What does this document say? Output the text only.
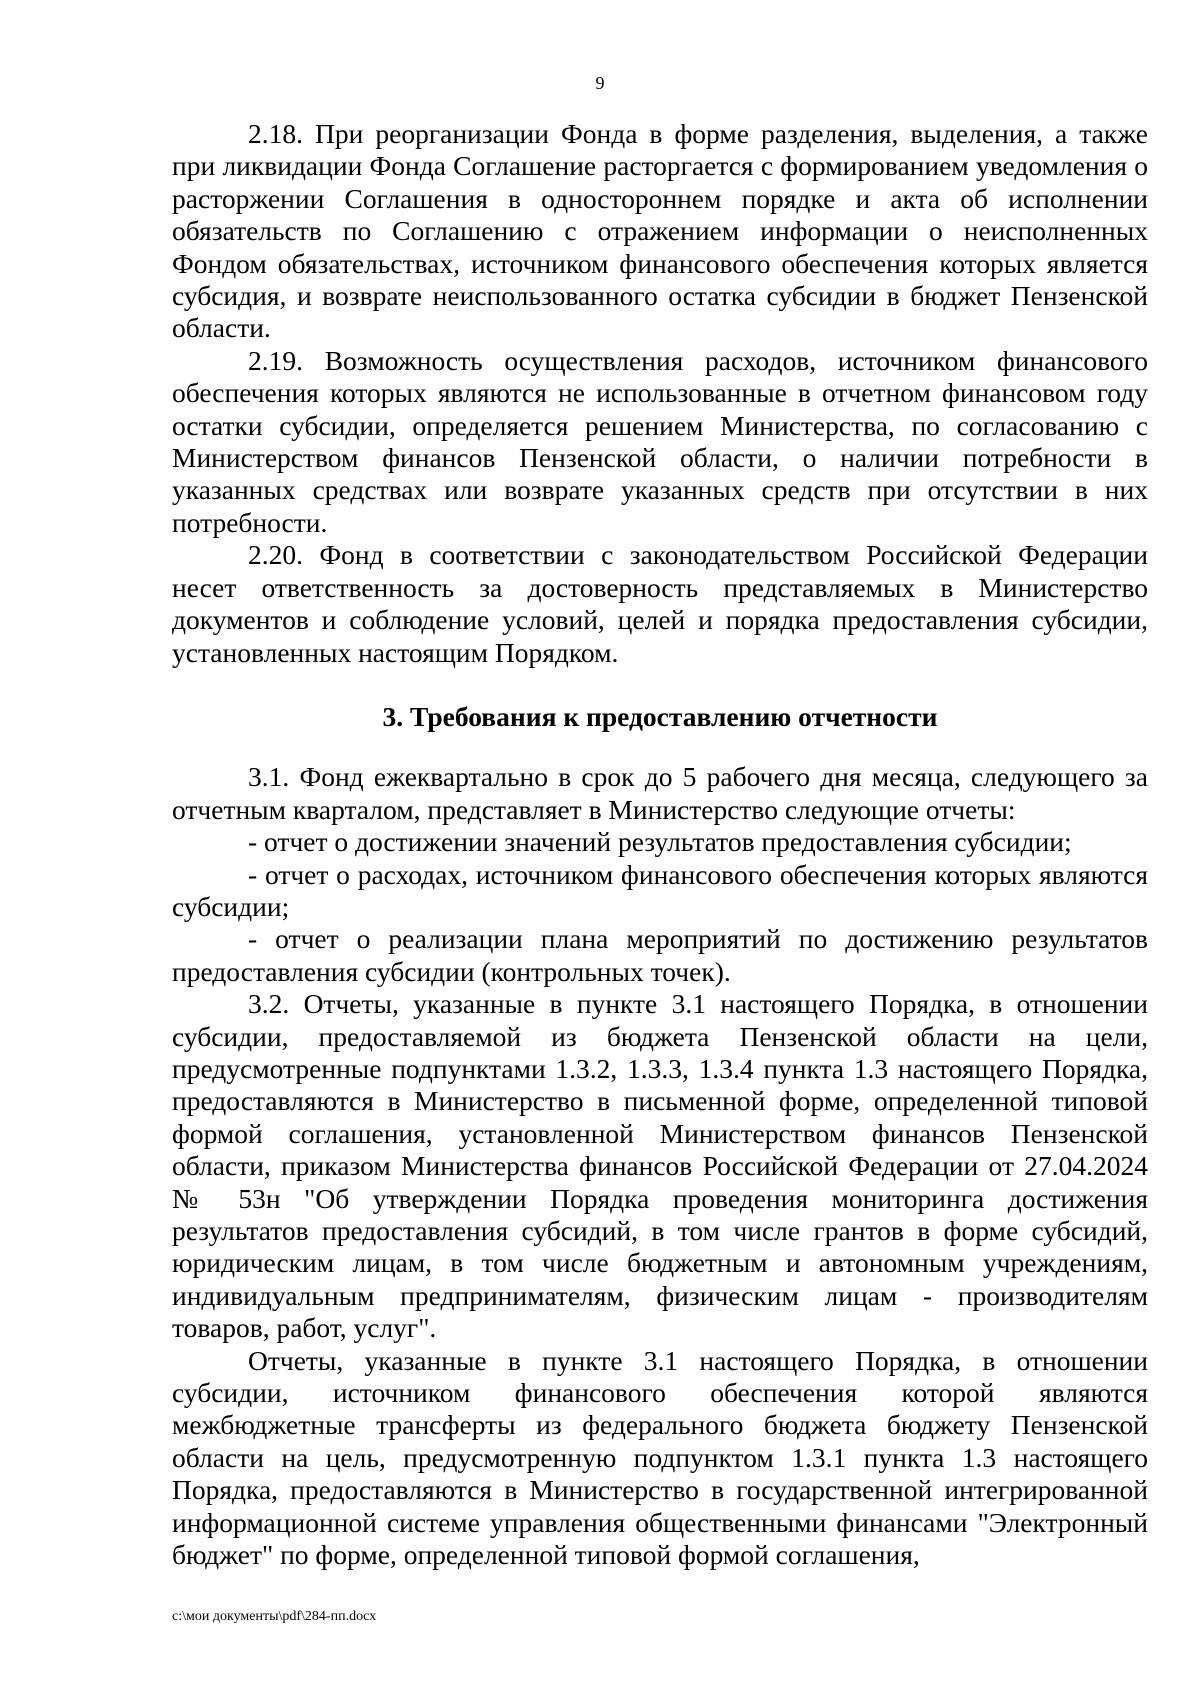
9

2.18. При реорганизации Фонда в форме разделения, выделения, а также при ликвидации Фонда Соглашение расторгается с формированием уведомления о расторжении Соглашения в одностороннем порядке и акта об исполнении обязательств по Соглашению с отражением информации о неисполненных Фондом обязательствах, источником финансового обеспечения которых является субсидия, и возврате неиспользованного остатка субсидии в бюджет Пензенской области.

2.19. Возможность осуществления расходов, источником финансового обеспечения которых являются не использованные в отчетном финансовом году остатки субсидии, определяется решением Министерства, по согласованию с Министерством финансов Пензенской области, о наличии потребности в указанных средствах или возврате указанных средств при отсутствии в них потребности.

2.20. Фонд в соответствии с законодательством Российской Федерации несет ответственность за достоверность представляемых в Министерство документов и соблюдение условий, целей и порядка предоставления субсидии, установленных настоящим Порядком.

3. Требования к предоставлению отчетности

3.1. Фонд ежеквартально в срок до 5 рабочего дня месяца, следующего за отчетным кварталом, представляет в Министерство следующие отчеты:

- отчет о достижении значений результатов предоставления субсидии;

- отчет о расходах, источником финансового обеспечения которых являются субсидии;

- отчет о реализации плана мероприятий по достижению результатов предоставления субсидии (контрольных точек).

3.2. Отчеты, указанные в пункте 3.1 настоящего Порядка, в отношении субсидии, предоставляемой из бюджета Пензенской области на цели, предусмотренные подпунктами 1.3.2, 1.3.3, 1.3.4 пункта 1.3 настоящего Порядка, предоставляются в Министерство в письменной форме, определенной типовой формой соглашения, установленной Министерством финансов Пензенской области, приказом Министерства финансов Российской Федерации от 27.04.2024 № 53н "Об утверждении Порядка проведения мониторинга достижения результатов предоставления субсидий, в том числе грантов в форме субсидий, юридическим лицам, в том числе бюджетным и автономным учреждениям, индивидуальным предпринимателям, физическим лицам - производителям товаров, работ, услуг".

Отчеты, указанные в пункте 3.1 настоящего Порядка, в отношении субсидии, источником финансового обеспечения которой являются межбюджетные трансферты из федерального бюджета бюджету Пензенской области на цель, предусмотренную подпунктом 1.3.1 пункта 1.3 настоящего Порядка, предоставляются в Министерство в государственной интегрированной информационной системе управления общественными финансами "Электронный бюджет" по форме, определенной типовой формой соглашения,

c:\мои документы\pdf\284-пп.docx
